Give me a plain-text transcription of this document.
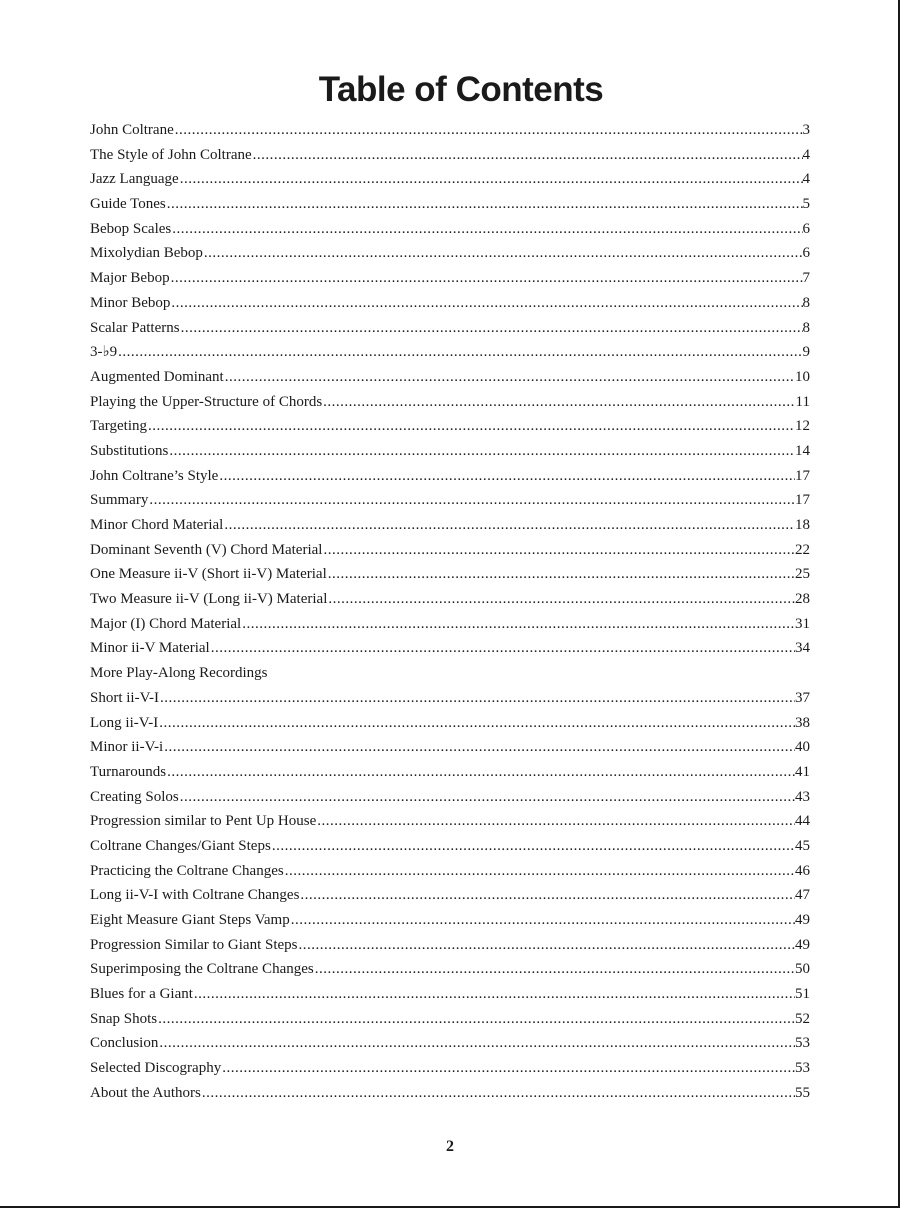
Table of Contents
John Coltrane .....	3
The Style of John Coltrane .....	4
Jazz Language .....	4
Guide Tones .....	5
Bebop Scales .....	6
Mixolydian Bebop .....	6
Major Bebop .....	7
Minor Bebop .....	8
Scalar Patterns .....	8
3-♭9 .....	9
Augmented Dominant .....	10
Playing the Upper-Structure of Chords .....	11
Targeting .....	12
Substitutions .....	14
John Coltrane’s Style .....	17
Summary .....	17
Minor Chord Material .....	18
Dominant Seventh (V) Chord Material .....	22
One Measure ii-V (Short ii-V) Material .....	25
Two Measure ii-V (Long ii-V) Material .....	28
Major (I) Chord Material .....	31
Minor ii-V Material .....	34
More Play-Along Recordings
Short ii-V-I .....	37
Long ii-V-I .....	38
Minor ii-V-i .....	40
Turnarounds .....	41
Creating Solos .....	43
Progression similar to Pent Up House .....	44
Coltrane Changes/Giant Steps .....	45
Practicing the Coltrane Changes .....	46
Long ii-V-I with Coltrane Changes .....	47
Eight Measure Giant Steps Vamp .....	49
Progression Similar to Giant Steps .....	49
Superimposing the Coltrane Changes .....	50
Blues for a Giant .....	51
Snap Shots .....	52
Conclusion .....	53
Selected Discography .....	53
About the Authors .....	55
2
